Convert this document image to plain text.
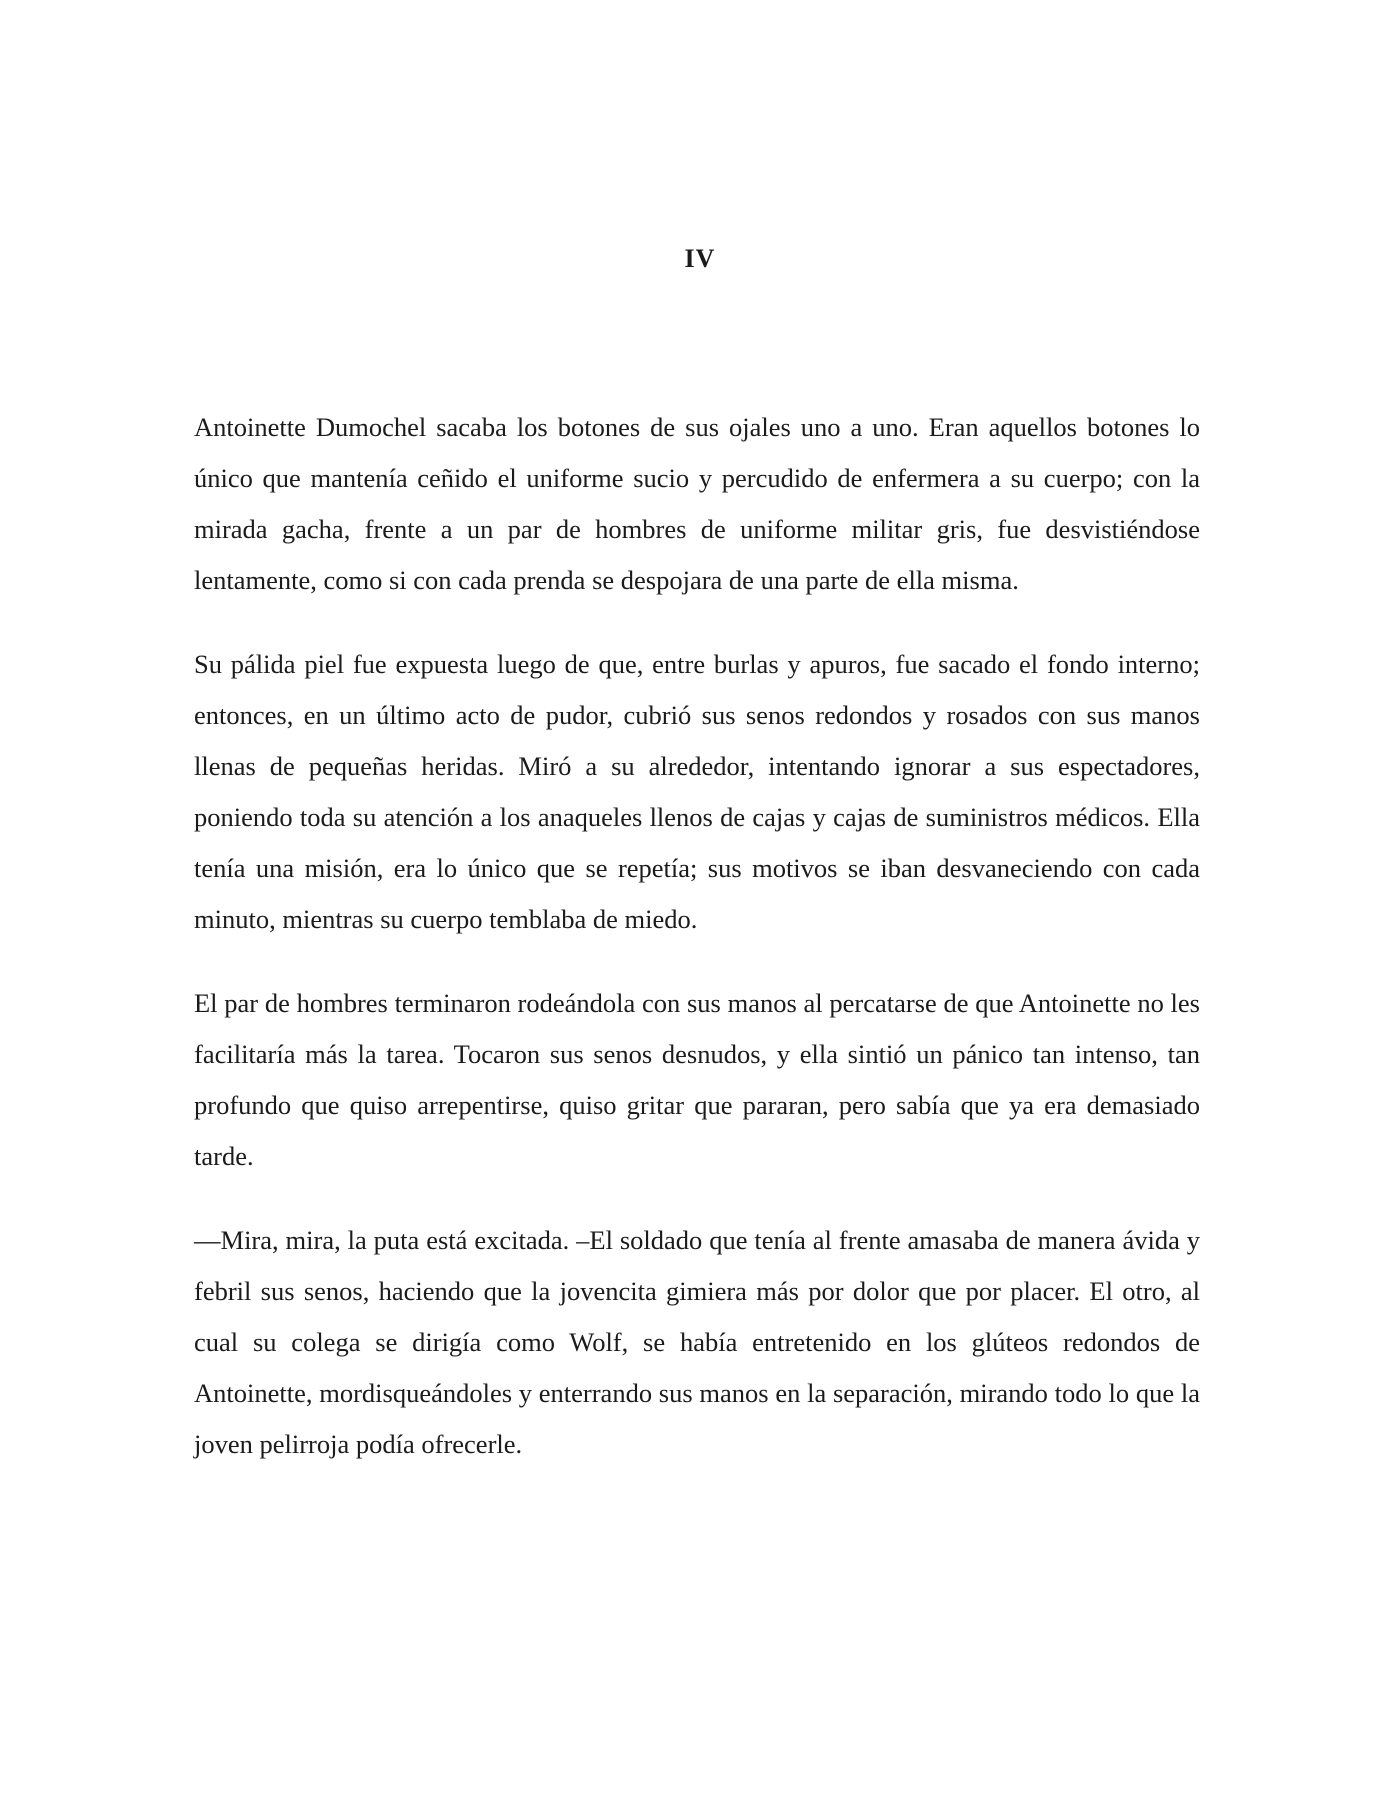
IV

Antoinette Dumochel sacaba los botones de sus ojales uno a uno. Eran aquellos botones lo único que mantenía ceñido el uniforme sucio y percudido de enfermera a su cuerpo; con la mirada gacha, frente a un par de hombres de uniforme militar gris, fue desvistiéndose lentamente, como si con cada prenda se despojara de una parte de ella misma.

Su pálida piel fue expuesta luego de que, entre burlas y apuros, fue sacado el fondo interno; entonces, en un último acto de pudor, cubrió sus senos redondos y rosados con sus manos llenas de pequeñas heridas. Miró a su alrededor, intentando ignorar a sus espectadores, poniendo toda su atención a los anaqueles llenos de cajas y cajas de suministros médicos. Ella tenía una misión, era lo único que se repetía; sus motivos se iban desvaneciendo con cada minuto, mientras su cuerpo temblaba de miedo.

El par de hombres terminaron rodeándola con sus manos al percatarse de que Antoinette no les facilitaría más la tarea. Tocaron sus senos desnudos, y ella sintió un pánico tan intenso, tan profundo que quiso arrepentirse, quiso gritar que pararan, pero sabía que ya era demasiado tarde.

—Mira, mira, la puta está excitada. –El soldado que tenía al frente amasaba de manera ávida y febril sus senos, haciendo que la jovencita gimiera más por dolor que por placer. El otro, al cual su colega se dirigía como Wolf, se había entretenido en los glúteos redondos de Antoinette, mordisqueándoles y enterrando sus manos en la separación, mirando todo lo que la joven pelirroja podía ofrecerle.
